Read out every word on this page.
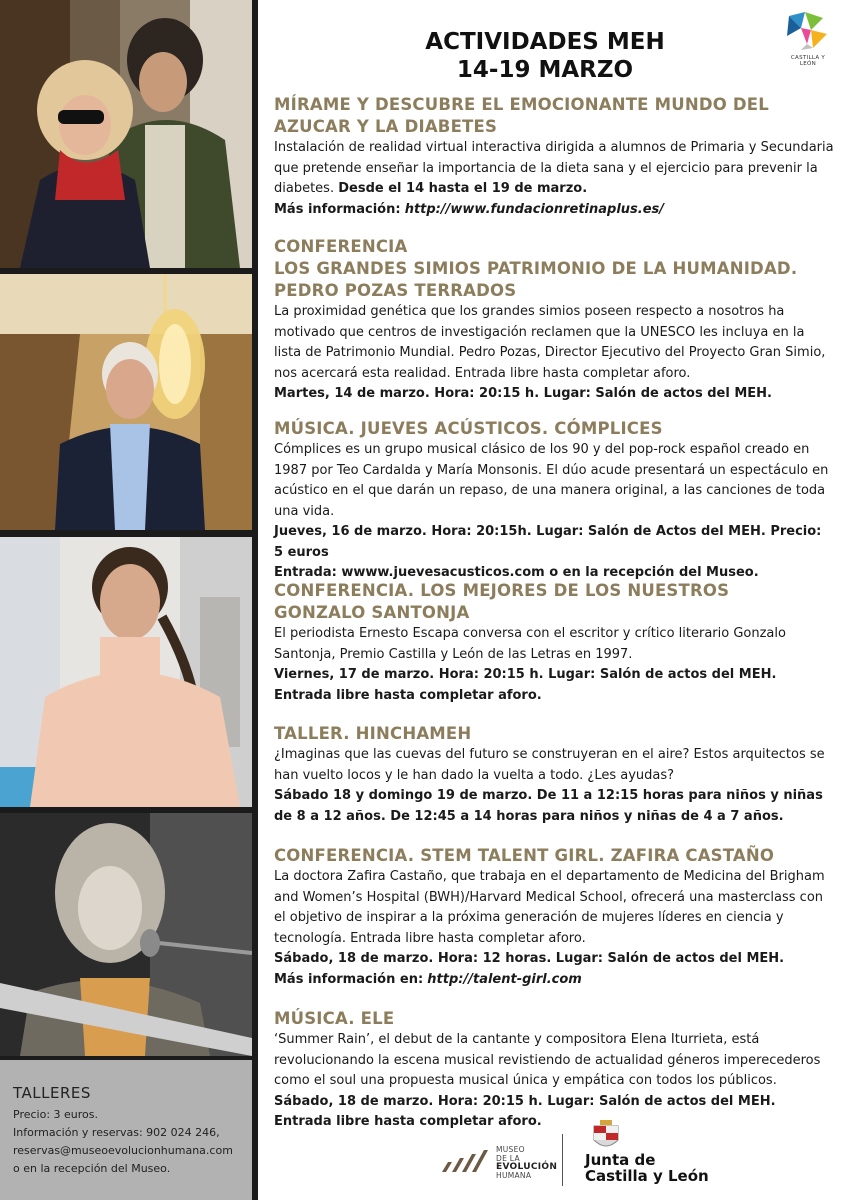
TALLERES

Precio: 3 euros.

Información y reservas: 902 024 246,

reservas@museoevolucionhumana.com

o en la recepción del Museo.

CASTILLA Y LEÓN
ACTIVIDADES MEH
14-19 MARZO
MÍRAME Y DESCUBRE EL EMOCIONANTE MUNDO DEL
AZUCAR Y LA DIABETES

Instalación de realidad virtual interactiva dirigida a alumnos de Primaria y Secundaria que pretende enseñar la importancia de la dieta sana y el ejercicio para prevenir la diabetes. Desde el 14 hasta el 19 de marzo.

Más información: http://www.fundacionretinaplus.es/

CONFERENCIA
LOS GRANDES SIMIOS PATRIMONIO DE LA HUMANIDAD.
PEDRO POZAS TERRADOS

La proximidad genética que los grandes simios poseen respecto a nosotros ha motivado que centros de investigación reclamen que la UNESCO les incluya en la lista de Patrimonio Mundial. Pedro Pozas, Director Ejecutivo del Proyecto Gran Simio, nos acercará esta realidad. Entrada libre hasta completar aforo.

Martes, 14 de marzo. Hora: 20:15 h. Lugar: Salón de actos del MEH.

MÚSICA. JUEVES ACÚSTICOS. CÓMPLICES

Cómplices es un grupo musical clásico de los 90 y del pop-rock español creado en 1987 por Teo Cardalda y María Monsonis. El dúo acude presentará un espectáculo en acústico en el que darán un repaso, de una manera original, a las canciones de toda una vida.

Jueves, 16 de marzo. Hora: 20:15h. Lugar: Salón de Actos del MEH. Precio: 5 euros

Entrada: wwww.juevesacusticos.com o en la recepción del Museo.

CONFERENCIA. LOS MEJORES DE LOS NUESTROS
GONZALO SANTONJA

El periodista Ernesto Escapa conversa con el escritor y crítico literario Gonzalo Santonja, Premio Castilla y León de las Letras en 1997.

Viernes, 17 de marzo. Hora: 20:15 h. Lugar: Salón de actos del MEH.

Entrada libre hasta completar aforo.

TALLER. HINCHAMEH

¿Imaginas que las cuevas del futuro se construyeran en el aire? Estos arquitectos se han vuelto locos y le han dado la vuelta a todo. ¿Les ayudas?

Sábado 18 y domingo 19 de marzo. De 11 a 12:15 horas para niños y niñas de 8 a 12 años. De 12:45 a 14 horas para niños y niñas de 4 a 7 años.

CONFERENCIA. STEM TALENT GIRL. ZAFIRA CASTAÑO

La doctora Zafira Castaño, que trabaja en el departamento de Medicina del Brigham and Women’s Hospital (BWH)/Harvard Medical School, ofrecerá una masterclass con el objetivo de inspirar a la próxima generación de mujeres líderes en ciencia y tecnología. Entrada libre hasta completar aforo.

Sábado, 18 de marzo. Hora: 12 horas. Lugar: Salón de actos del MEH.

Más información en: http://talent-girl.com

MÚSICA. ELE

‘Summer Rain’, el debut de la cantante y compositora Elena Iturrieta, está revolucionando la escena musical revistiendo de actualidad géneros imperecederos como el soul una propuesta musical única y empática con todos los públicos.

Sábado, 18 de marzo. Hora: 20:15 h. Lugar: Salón de actos del MEH.

Entrada libre hasta completar aforo.

MUSEO
DE LA
EVOLUCIÓN
HUMANA
Junta de
Castilla y León
